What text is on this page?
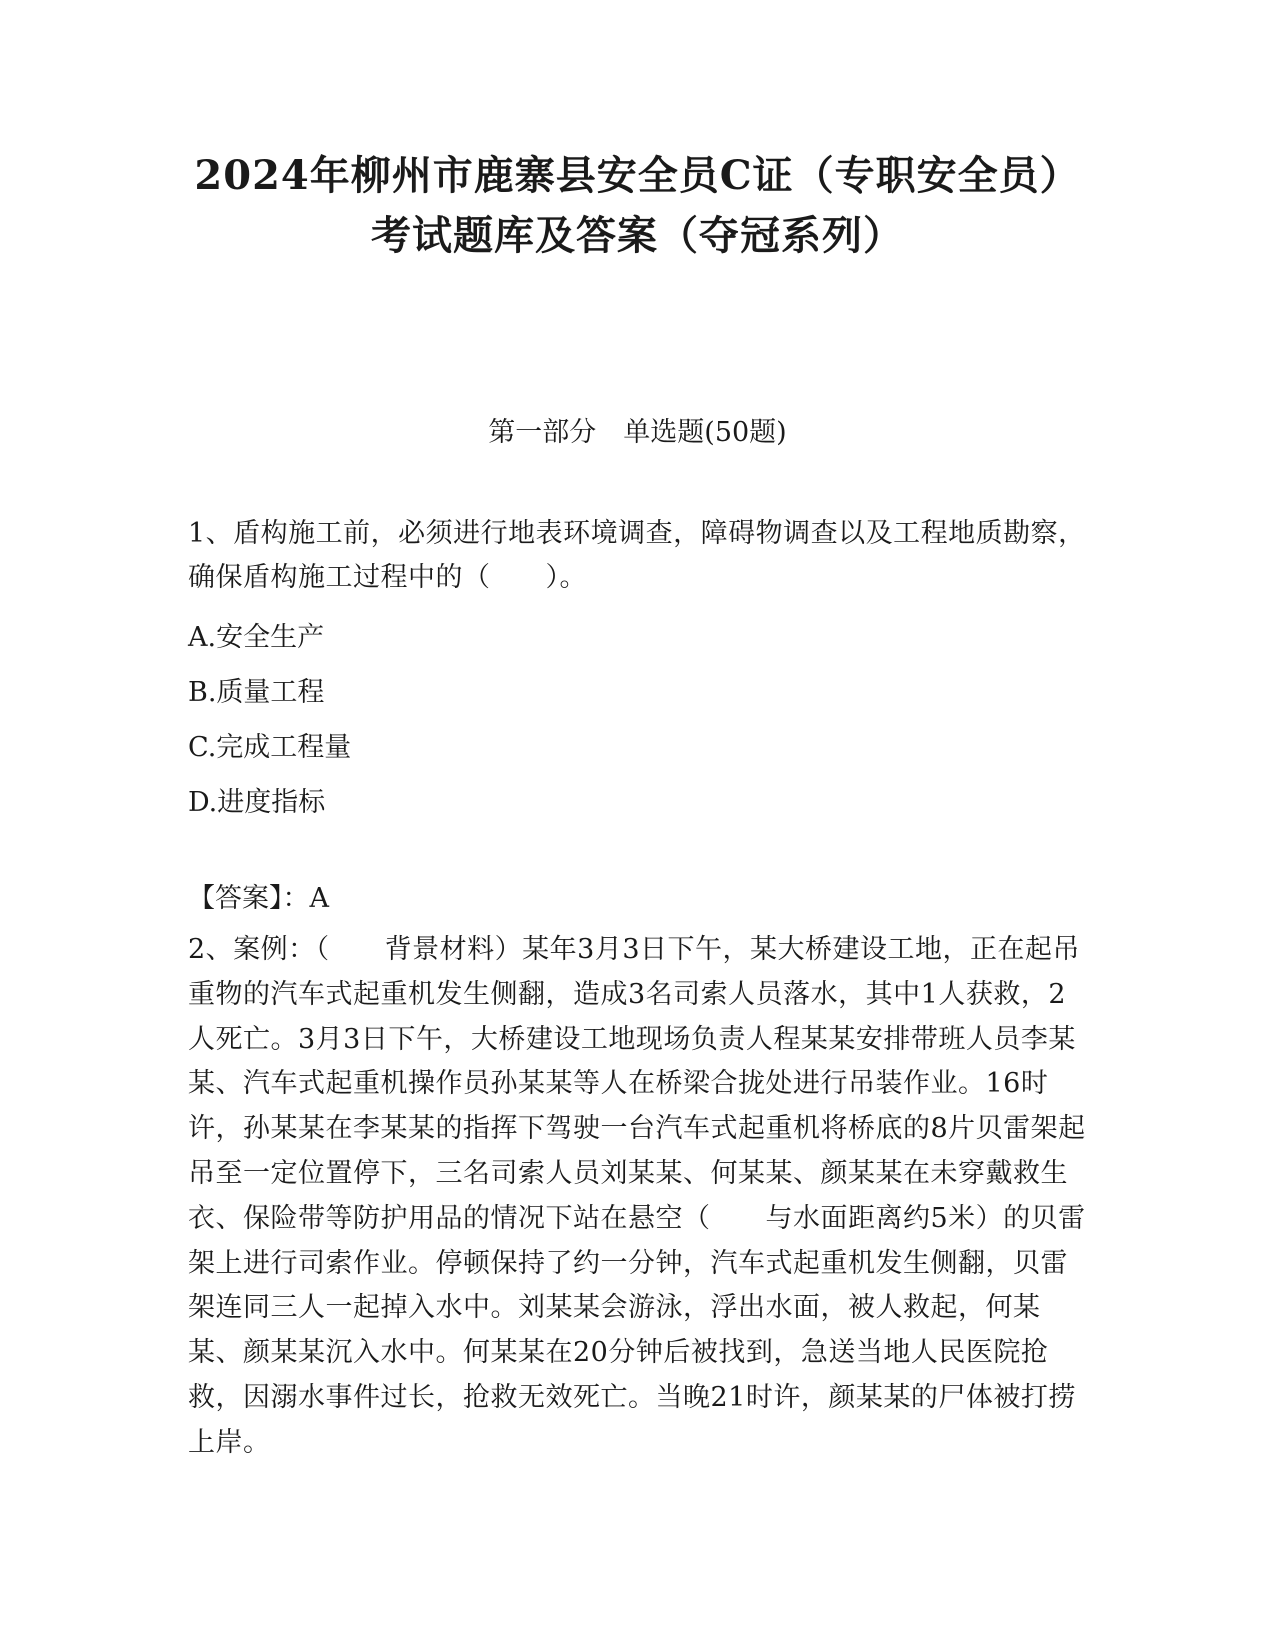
2024年柳州市鹿寨县安全员C证（专职安全员）
考试题库及答案（夺冠系列）
第一部分　单选题(50题)
1、盾构施工前，必须进行地表环境调查，障碍物调查以及工程地质勘察，确保盾构施工过程中的（　　）。
A.安全生产
B.质量工程
C.完成工程量
D.进度指标
【答案】：A
2、案例：（　　背景材料）某年3月3日下午，某大桥建设工地，正在起吊重物的汽车式起重机发生侧翻，造成3名司索人员落水，其中1人获救，2人死亡。3月3日下午，大桥建设工地现场负责人程某某安排带班人员李某某、汽车式起重机操作员孙某某等人在桥梁合拢处进行吊装作业。16时许，孙某某在李某某的指挥下驾驶一台汽车式起重机将桥底的8片贝雷架起吊至一定位置停下，三名司索人员刘某某、何某某、颜某某在未穿戴救生衣、保险带等防护用品的情况下站在悬空（　　与水面距离约5米）的贝雷架上进行司索作业。停顿保持了约一分钟，汽车式起重机发生侧翻，贝雷架连同三人一起掉入水中。刘某某会游泳，浮出水面，被人救起，何某某、颜某某沉入水中。何某某在20分钟后被找到，急送当地人民医院抢救，因溺水事件过长，抢救无效死亡。当晚21时许，颜某某的尸体被打捞上岸。
